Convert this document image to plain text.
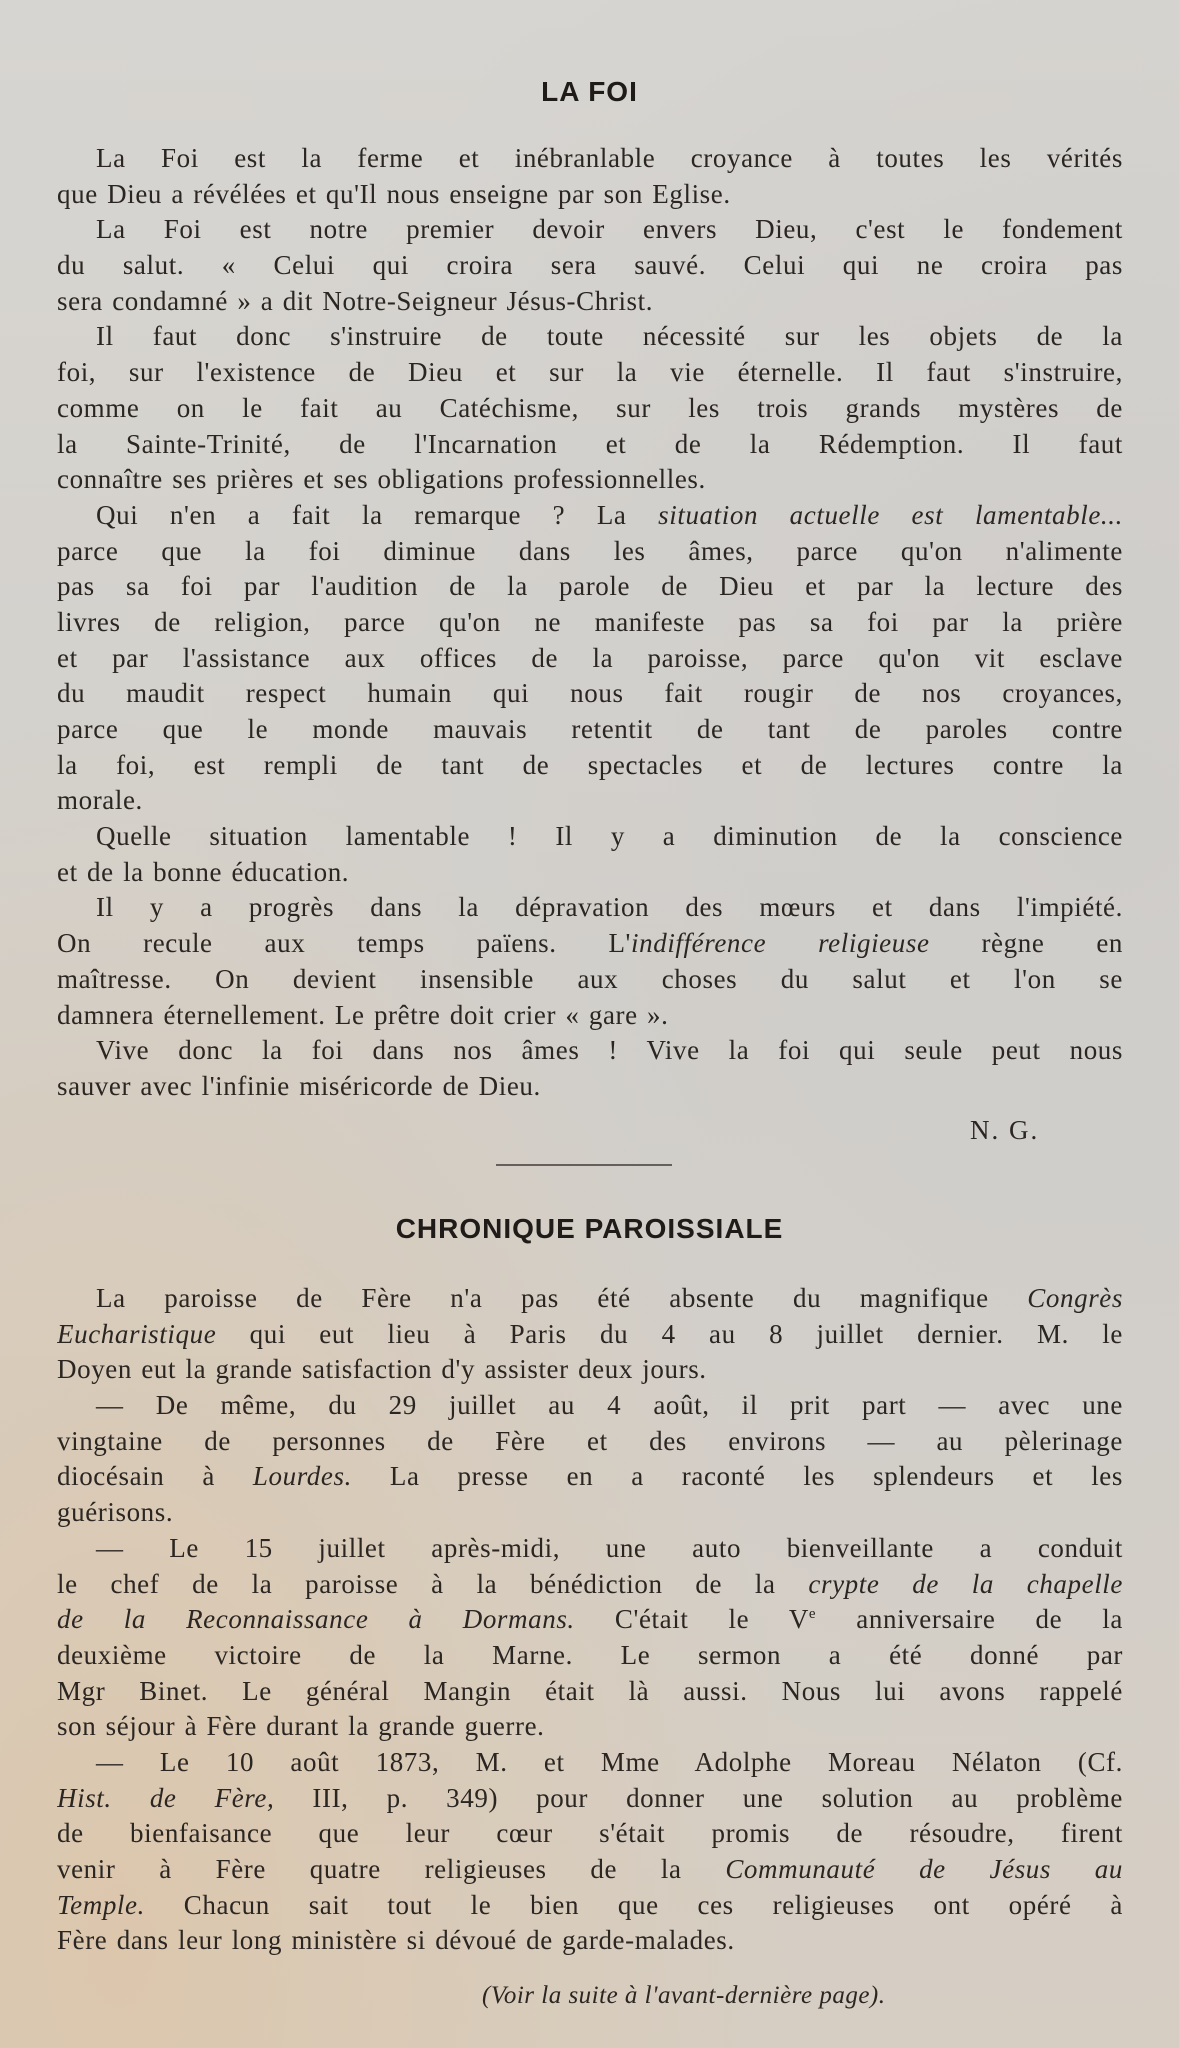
LA FOI
La Foi est la ferme et inébranlable croyance à toutes les vérités
que Dieu a révélées et qu'Il nous enseigne par son Eglise.
La Foi est notre premier devoir envers Dieu, c'est le fondement
du salut. « Celui qui croira sera sauvé. Celui qui ne croira pas
sera condamné » a dit Notre-Seigneur Jésus-Christ.
Il faut donc s'instruire de toute nécessité sur les objets de la
foi, sur l'existence de Dieu et sur la vie éternelle. Il faut s'instruire,
comme on le fait au Catéchisme, sur les trois grands mystères de
la Sainte-Trinité, de l'Incarnation et de la Rédemption. Il faut
connaître ses prières et ses obligations professionnelles.
Qui n'en a fait la remarque ? La situation actuelle est lamentable...
parce que la foi diminue dans les âmes, parce qu'on n'alimente
pas sa foi par l'audition de la parole de Dieu et par la lecture des
livres de religion, parce qu'on ne manifeste pas sa foi par la prière
et par l'assistance aux offices de la paroisse, parce qu'on vit esclave
du maudit respect humain qui nous fait rougir de nos croyances,
parce que le monde mauvais retentit de tant de paroles contre
la foi, est rempli de tant de spectacles et de lectures contre la
morale.
Quelle situation lamentable ! Il y a diminution de la conscience
et de la bonne éducation.
Il y a progrès dans la dépravation des mœurs et dans l'impiété.
On recule aux temps païens. L'indifférence religieuse règne en
maîtresse. On devient insensible aux choses du salut et l'on se
damnera éternellement. Le prêtre doit crier « gare ».
Vive donc la foi dans nos âmes ! Vive la foi qui seule peut nous
sauver avec l'infinie miséricorde de Dieu.
N. G.
CHRONIQUE PAROISSIALE
La paroisse de Fère n'a pas été absente du magnifique Congrès
Eucharistique qui eut lieu à Paris du 4 au 8 juillet dernier. M. le
Doyen eut la grande satisfaction d'y assister deux jours.
— De même, du 29 juillet au 4 août, il prit part — avec une
vingtaine de personnes de Fère et des environs — au pèlerinage
diocésain à Lourdes. La presse en a raconté les splendeurs et les
guérisons.
— Le 15 juillet après-midi, une auto bienveillante a conduit
le chef de la paroisse à la bénédiction de la crypte de la chapelle
de la Reconnaissance à Dormans. C'était le Ve anniversaire de la
deuxième victoire de la Marne. Le sermon a été donné par
Mgr Binet. Le général Mangin était là aussi. Nous lui avons rappelé
son séjour à Fère durant la grande guerre.
— Le 10 août 1873, M. et Mme Adolphe Moreau Nélaton (Cf.
Hist. de Fère, III, p. 349) pour donner une solution au problème
de bienfaisance que leur cœur s'était promis de résoudre, firent
venir à Fère quatre religieuses de la Communauté de Jésus au
Temple. Chacun sait tout le bien que ces religieuses ont opéré à
Fère dans leur long ministère si dévoué de garde-malades.
(Voir la suite à l'avant-dernière page).
